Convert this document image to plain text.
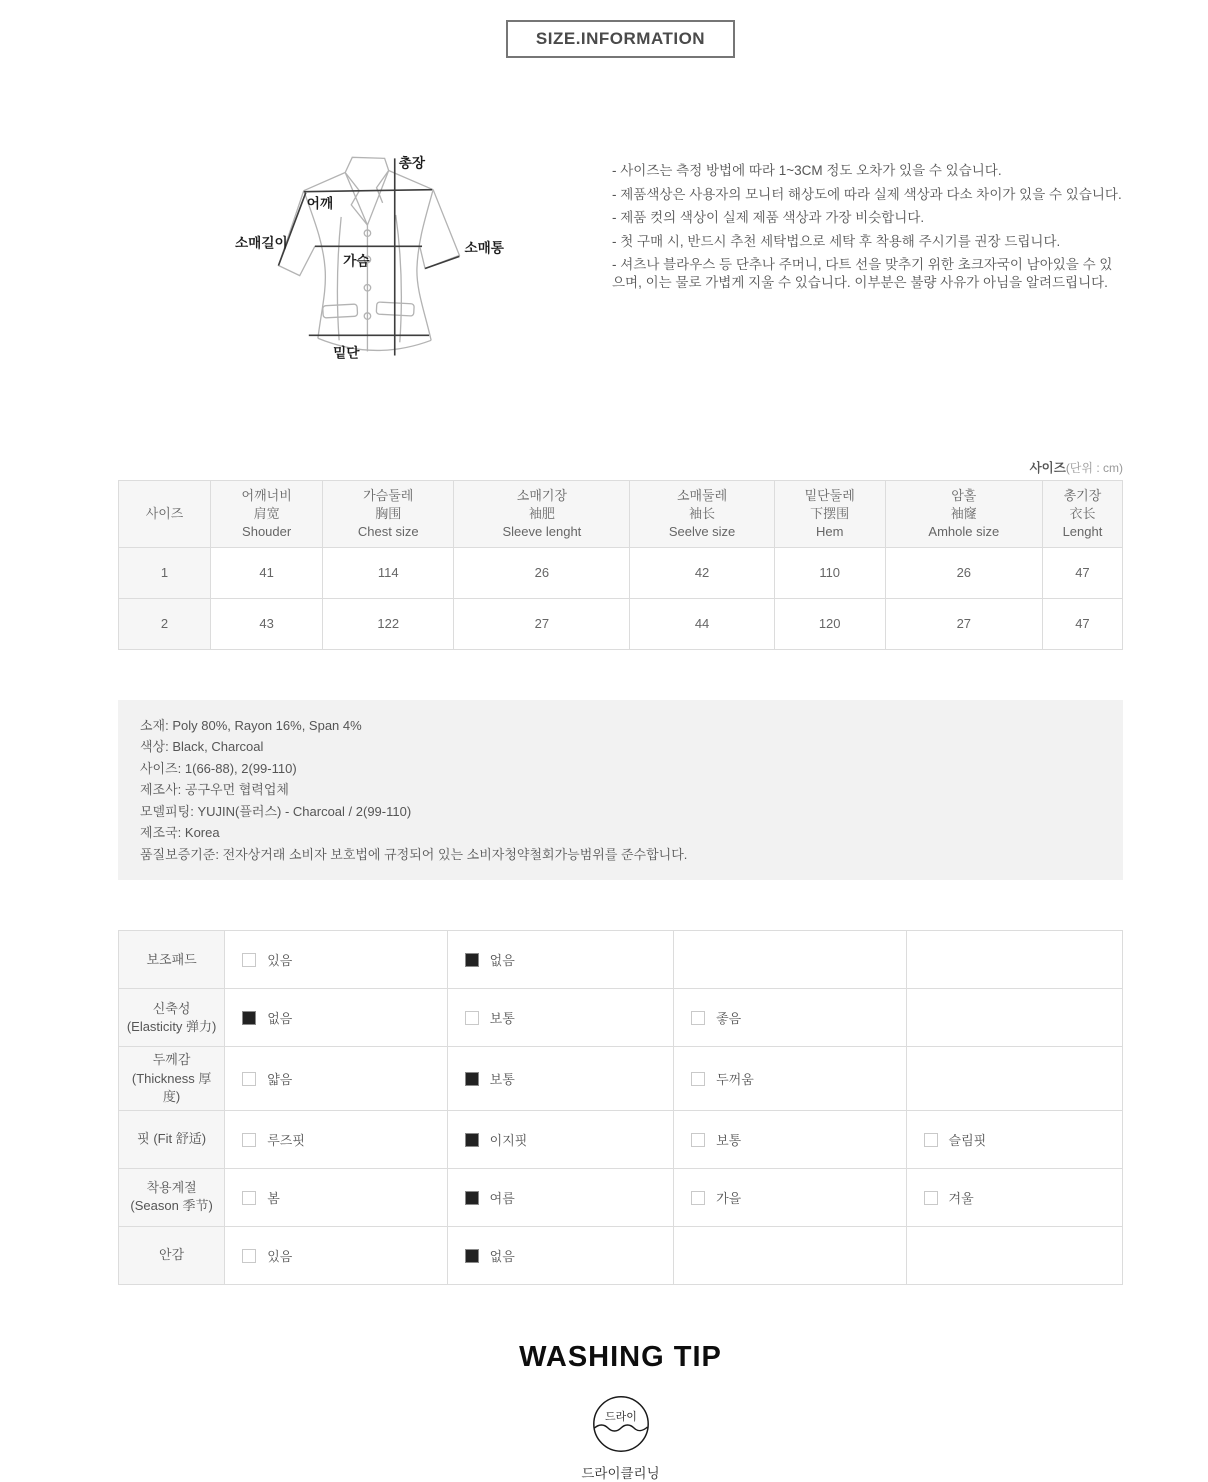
SIZE.INFORMATION
총장
어깨
소매길이
가슴
소매통
밑단

- 사이즈는 측정 방법에 따라 1~3CM 정도 오차가 있을 수 있습니다.

- 제품색상은 사용자의 모니터 해상도에 따라 실제 색상과 다소 차이가 있을 수 있습니다.

- 제품 컷의 색상이 실제 제품 색상과 가장 비슷합니다.

- 첫 구매 시, 반드시 추천 세탁법으로 세탁 후 착용해 주시기를 권장 드립니다.

- 셔츠나 블라우스 등 단추나 주머니, 다트 선을 맞추기 위한 초크자국이 남아있을 수 있으며, 이는 물로 가볍게 지울 수 있습니다. 이부분은 불량 사유가 아님을 알려드립니다.

사이즈(단위 : cm)
사이즈	
어깨너비
肩宽
Shouder

가슴둘레
胸围
Chest size

소매기장
袖肥
Sleeve lenght

소매둘레
袖长
Seelve size

밑단둘레
下摆围
Hem

암홀
袖窿
Amhole size

총기장
衣长
Lenght

1	41	114	26	42	110	26	47
2	43	122	27	44	120	27	47

소재: Poly 80%, Rayon 16%, Span 4%

색상: Black, Charcoal

사이즈: 1(66-88), 2(99-110)

제조사: 공구우먼 협력업체

모델피팅: YUJIN(플러스) - Charcoal / 2(99-110)

제조국: Korea

품질보증기준: 전자상거래 소비자 보호법에 규정되어 있는 소비자청약철회가능범위를 준수합니다.

보조패드	있음	없음		
신축성 (Elasticity 弹力)	없음	보통	좋음	
두께감 (Thickness 厚度)	얇음	보통	두꺼움	
핏 (Fit 舒适)	루즈핏	이지핏	보통	슬림핏
착용계절 (Season 季节)	봄	여름	가을	겨울
안감	있음	없음		
WASHING TIP
드라이
드라이클리닝
